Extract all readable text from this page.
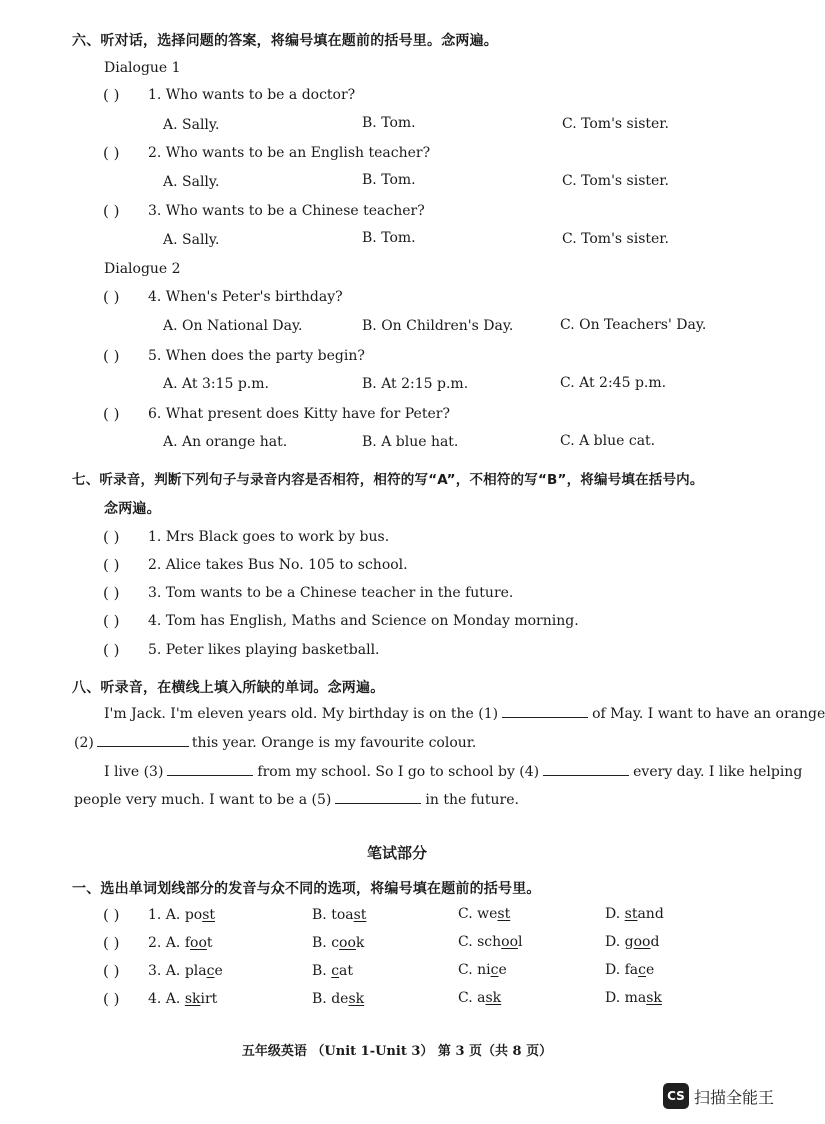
六、听对话，选择问题的答案，将编号填在题前的括号里。念两遍。
Dialogue 1
( ) 1. Who wants to be a doctor?
A. Sally.	B. Tom.	C. Tom's sister.
( ) 2. Who wants to be an English teacher?
A. Sally.	B. Tom.	C. Tom's sister.
( ) 3. Who wants to be a Chinese teacher?
A. Sally.	B. Tom.	C. Tom's sister.
Dialogue 2
( ) 4. When's Peter's birthday?
A. On National Day.	B. On Children's Day.	C. On Teachers' Day.
( ) 5. When does the party begin?
A. At 3:15 p.m.	B. At 2:15 p.m.	C. At 2:45 p.m.
( ) 6. What present does Kitty have for Peter?
A. An orange hat.	B. A blue hat.	C. A blue cat.
七、听录音，判断下列句子与录音内容是否相符，相符的写“A”，不相符的写“B”，将编号填在括号内。
念两遍。
( ) 1. Mrs Black goes to work by bus.
( ) 2. Alice takes Bus No. 105 to school.
( ) 3. Tom wants to be a Chinese teacher in the future.
( ) 4. Tom has English, Maths and Science on Monday morning.
( ) 5. Peter likes playing basketball.
八、听录音，在横线上填入所缺的单词。念两遍。
I'm Jack. I'm eleven years old. My birthday is on the (1)	of May. I want to have an orange
(2)	this year. Orange is my favourite colour.
I live (3)	from my school. So I go to school by (4)	every day. I like helping
people very much. I want to be a (5)	in the future.
笔试部分
一、选出单词划线部分的发音与众不同的选项，将编号填在题前的括号里。
( ) 1. A. post	B. toast	C. west	D. stand
( ) 2. A. foot	B. cook	C. school	D. good
( ) 3. A. place	B. cat	C. nice	D. face
( ) 4. A. skirt	B. desk	C. ask	D. mask
五年级英语 （Unit 1-Unit 3） 第 3 页（共 8 页）
CS 扫描全能王
